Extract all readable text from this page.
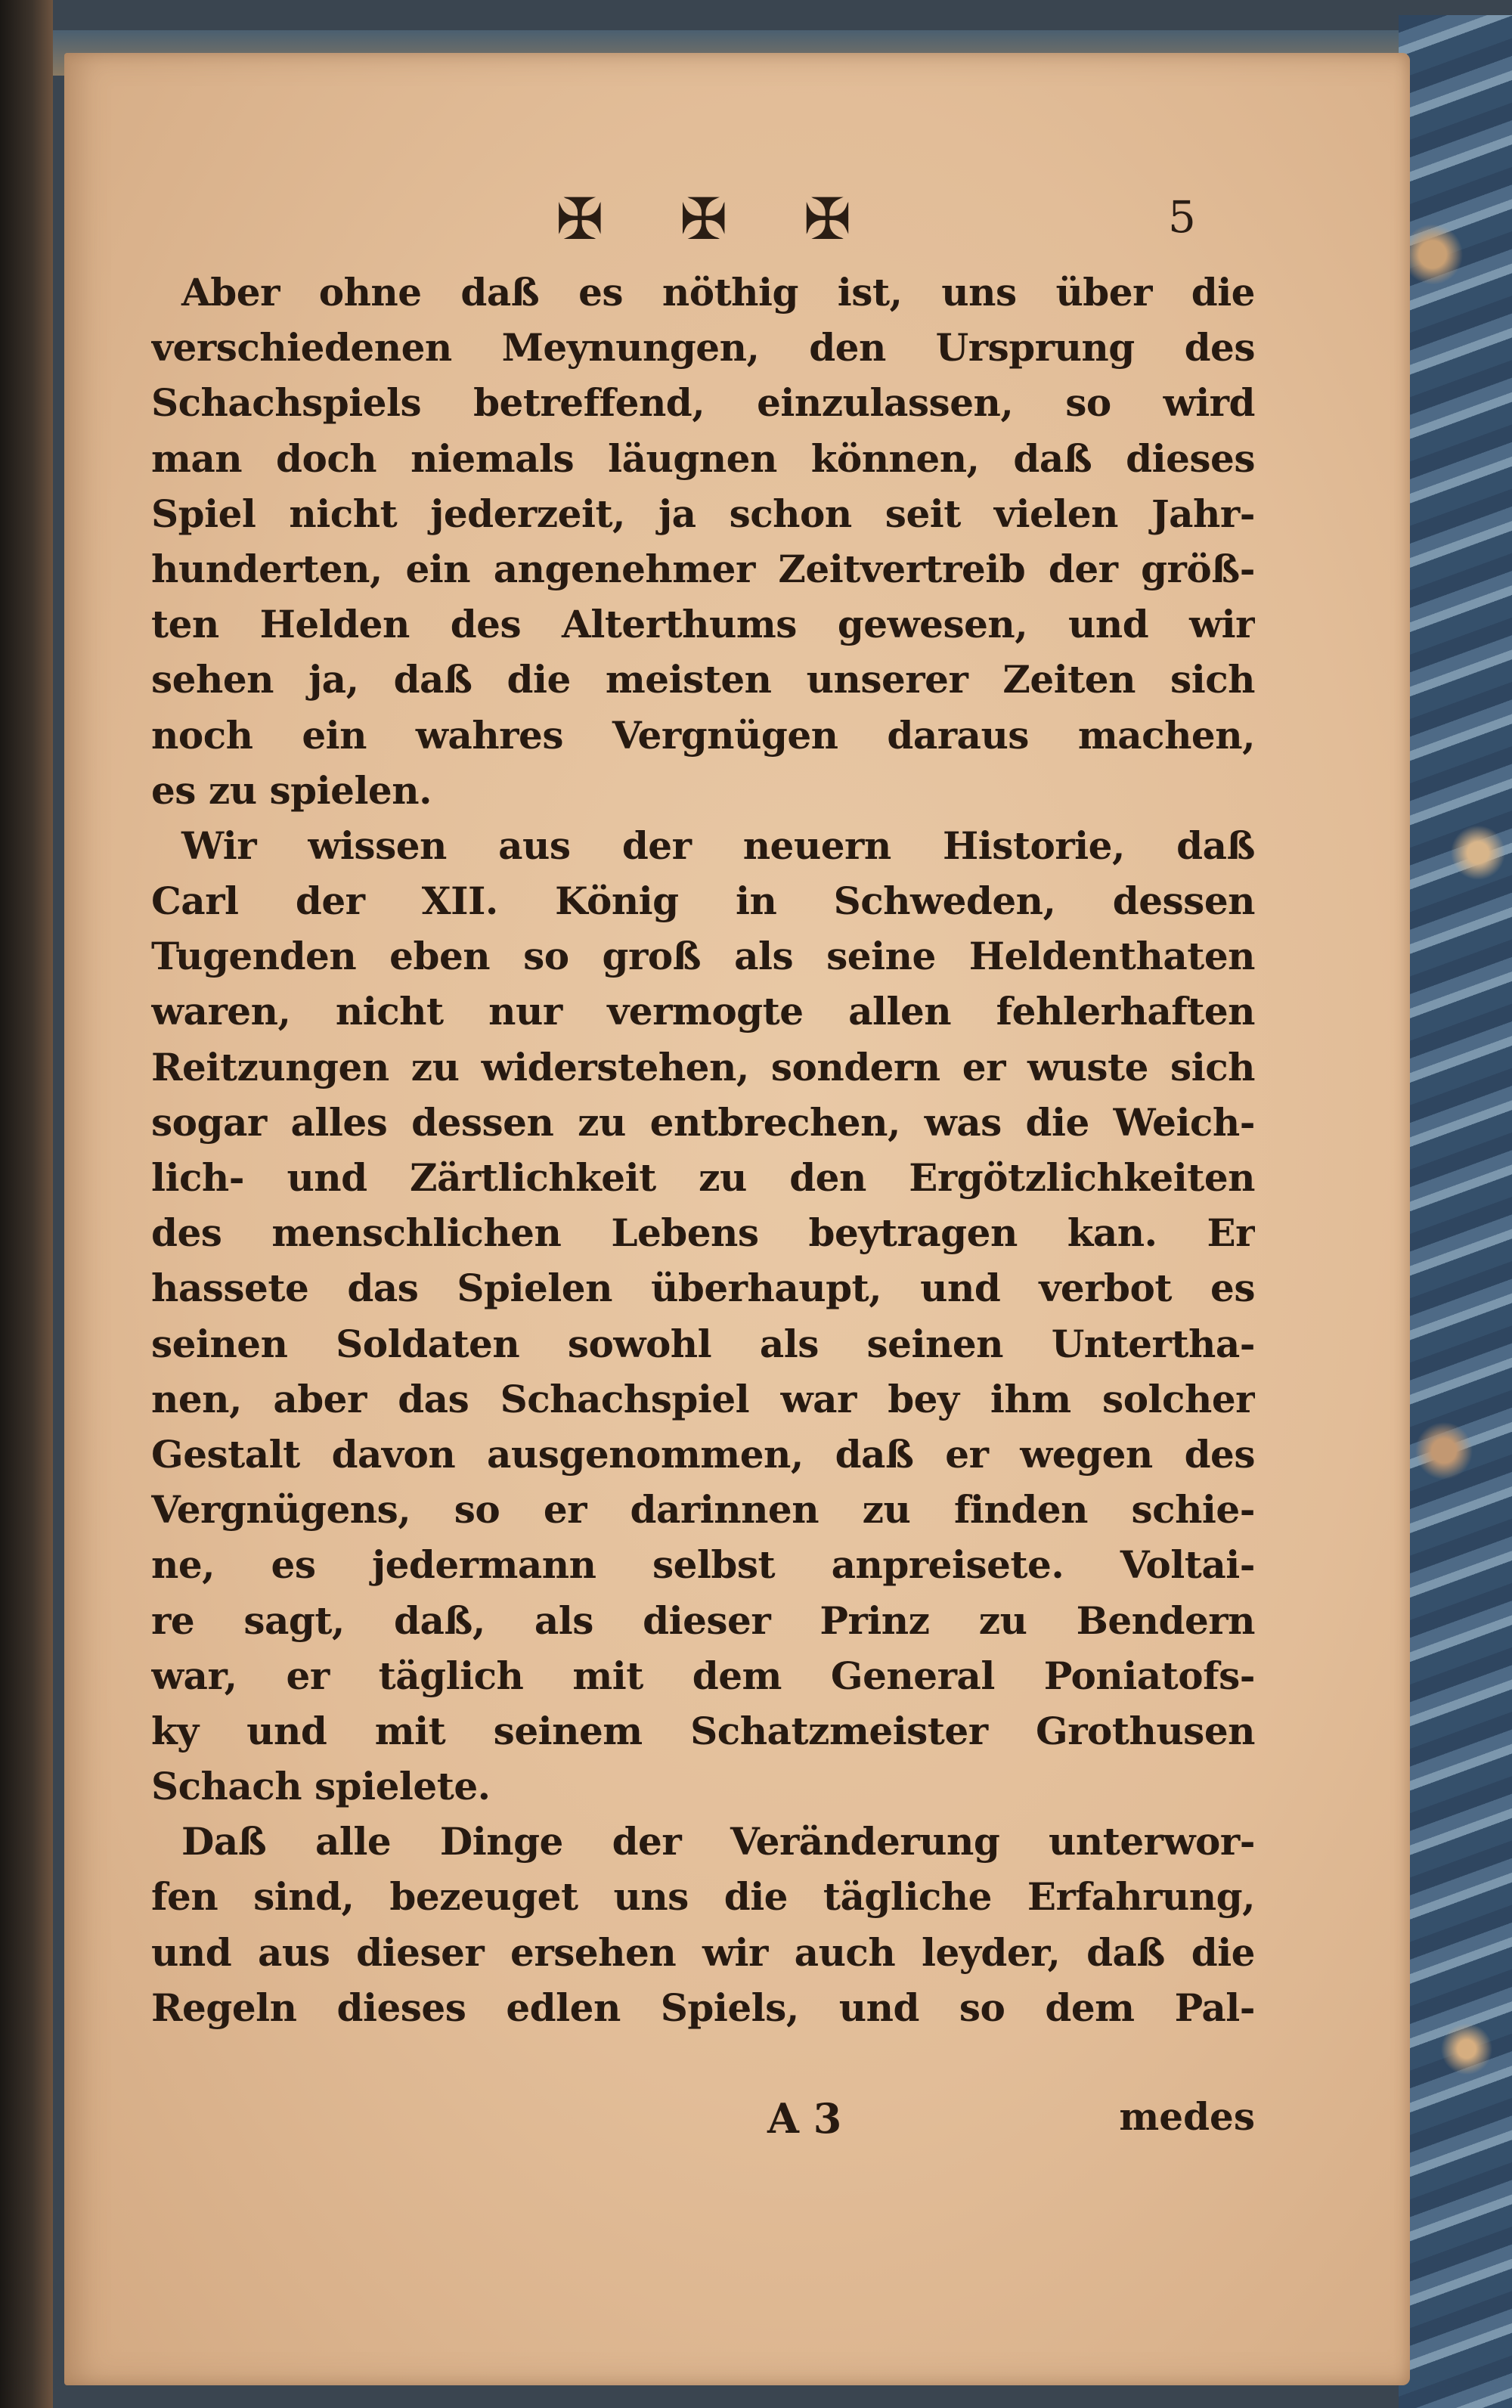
✠ ✠ ✠	5
Aber ohne daß es nöthig ist, uns über die
verschiedenen Meynungen, den Ursprung des
Schachspiels betreffend, einzulassen, so wird
man doch niemals läugnen können, daß dieses
Spiel nicht jederzeit, ja schon seit vielen Jahr-
hunderten, ein angenehmer Zeitvertreib der größ-
ten Helden des Alterthums gewesen, und wir
sehen ja, daß die meisten unserer Zeiten sich
noch ein wahres Vergnügen daraus machen,
es zu spielen.
Wir wissen aus der neuern Historie, daß
Carl der XII. König in Schweden, dessen
Tugenden eben so groß als seine Heldenthaten
waren, nicht nur vermogte allen fehlerhaften
Reitzungen zu widerstehen, sondern er wuste sich
sogar alles dessen zu entbrechen, was die Weich-
lich- und Zärtlichkeit zu den Ergötzlichkeiten
des menschlichen Lebens beytragen kan. Er
hassete das Spielen überhaupt, und verbot es
seinen Soldaten sowohl als seinen Untertha-
nen, aber das Schachspiel war bey ihm solcher
Gestalt davon ausgenommen, daß er wegen des
Vergnügens, so er darinnen zu finden schie-
ne, es jedermann selbst anpreisete. Voltai-
re sagt, daß, als dieser Prinz zu Bendern
war, er täglich mit dem General Poniatofs-
ky und mit seinem Schatzmeister Grothusen
Schach spielete.
Daß alle Dinge der Veränderung unterwor-
fen sind, bezeuget uns die tägliche Erfahrung,
und aus dieser ersehen wir auch leyder, daß die
Regeln dieses edlen Spiels, und so dem Pal-
A 3	medes
